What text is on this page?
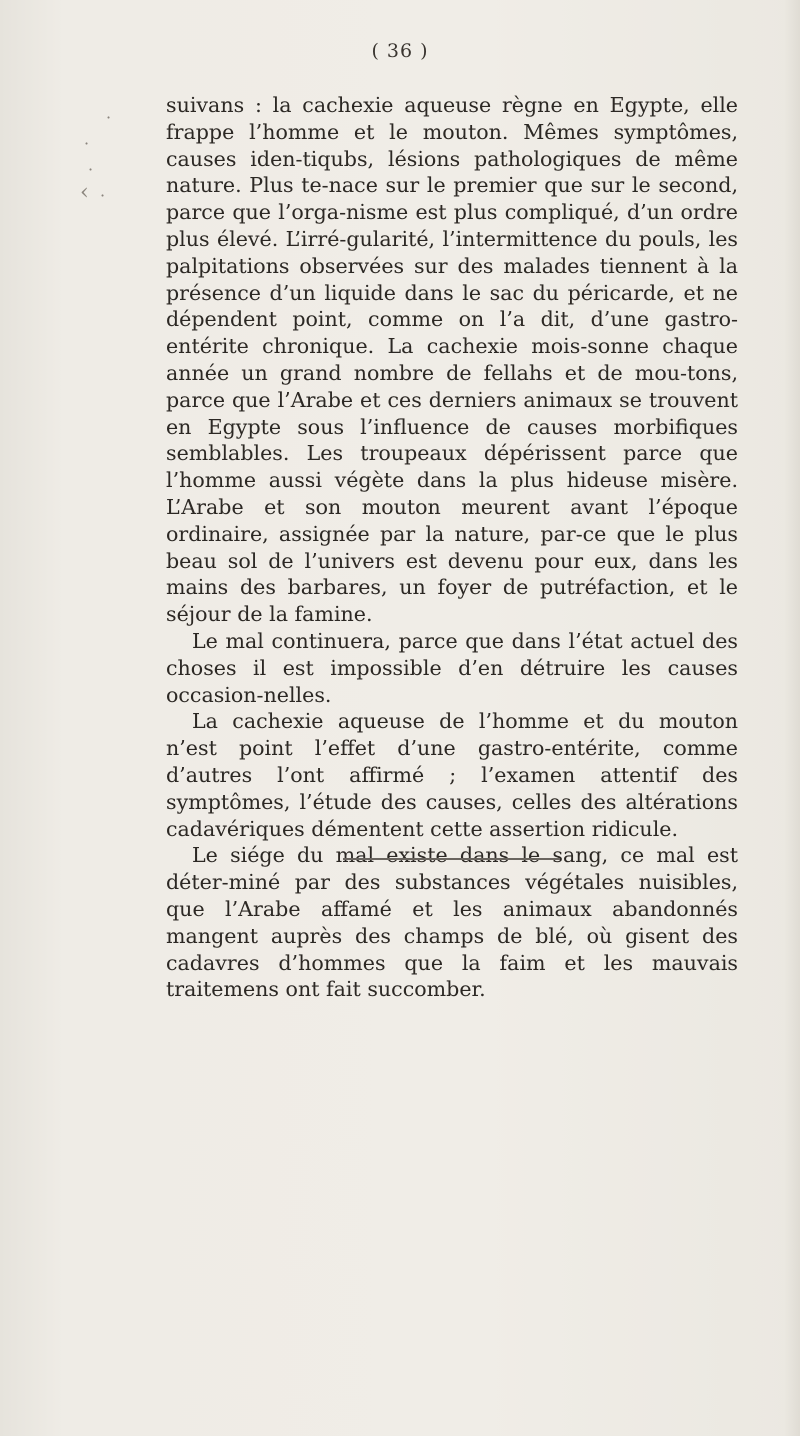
·
·
·
‹ ·
( 36 )

suivans : la cachexie aqueuse règne en Egypte, elle frappe l’homme et le mouton. Mêmes symptômes, causes iden-tiqubs, lésions pathologiques de même nature. Plus te-nace sur le premier que sur le second, parce que l’orga-nisme est plus compliqué, d’un ordre plus élevé. L’irré-gularité, l’intermittence du pouls, les palpitations observées sur des malades tiennent à la présence d’un liquide dans le sac du péricarde, et ne dépendent point, comme on l’a dit, d’une gastro-entérite chronique. La cachexie mois-sonne chaque année un grand nombre de fellahs et de mou-tons, parce que l’Arabe et ces derniers animaux se trouvent en Egypte sous l’influence de causes morbifiques semblables. Les troupeaux dépérissent parce que l’homme aussi végète dans la plus hideuse misère. L’Arabe et son mouton meurent avant l’époque ordinaire, assignée par la nature, par-ce que le plus beau sol de l’univers est devenu pour eux, dans les mains des barbares, un foyer de putréfaction, et le séjour de la famine.

Le mal continuera, parce que dans l’état actuel des choses il est impossible d’en détruire les causes occasion-nelles.

La cachexie aqueuse de l’homme et du mouton n’est point l’effet d’une gastro-entérite, comme d’autres l’ont affirmé ; l’examen attentif des symptômes, l’étude des causes, celles des altérations cadavériques démentent cette assertion ridicule.

Le siége du mal existe dans le sang, ce mal est déter-miné par des substances végétales nuisibles, que l’Arabe affamé et les animaux abandonnés mangent auprès des champs de blé, où gisent des cadavres d’hommes que la faim et les mauvais traitemens ont fait succomber.
